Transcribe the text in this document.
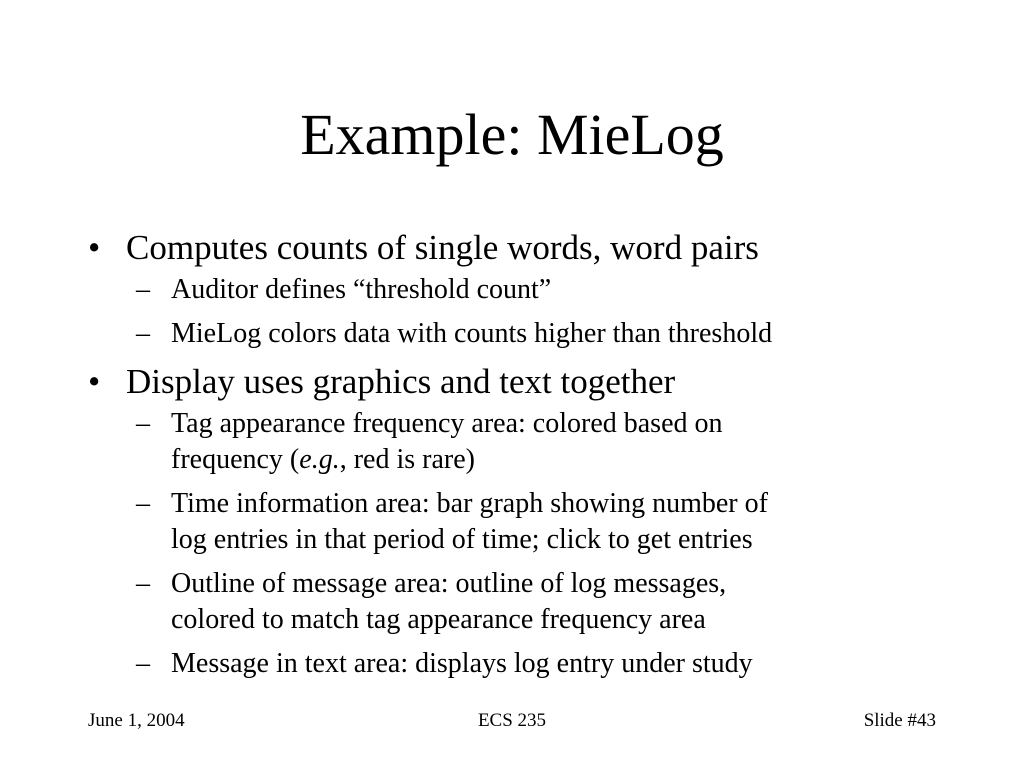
Example: MieLog
• Computes counts of single words, word pairs
– Auditor defines “threshold count”
– MieLog colors data with counts higher than threshold
• Display uses graphics and text together
– Tag appearance frequency area: colored based on
frequency (e.g., red is rare)
– Time information area: bar graph showing number of
log entries in that period of time; click to get entries
– Outline of message area: outline of log messages,
colored to match tag appearance frequency area
– Message in text area: displays log entry under study
June 1, 2004	ECS 235	Slide #43
